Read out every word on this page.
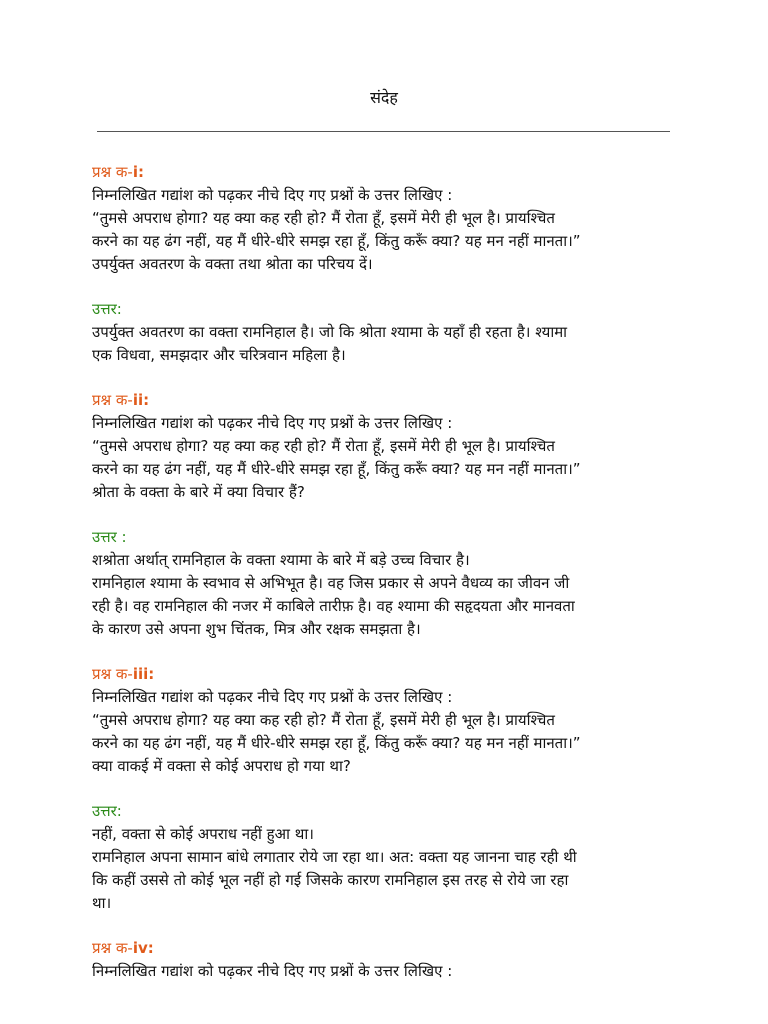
संदेह

प्रश्न क-i:

निम्नलिखित गद्यांश को पढ़कर नीचे दिए गए प्रश्नों के उत्तर लिखिए :

“तुमसे अपराध होगा? यह क्या कह रही हो? मैं रोता हूँ, इसमें मेरी ही भूल है। प्रायश्चित

करने का यह ढंग नहीं, यह मैं धीरे-धीरे समझ रहा हूँ, किंतु करूँ क्या? यह मन नहीं मानता।”

उपर्युक्त अवतरण के वक्ता तथा श्रोता का परिचय दें।

उत्तर:

उपर्युक्त अवतरण का वक्ता रामनिहाल है। जो कि श्रोता श्यामा के यहाँ ही रहता है। श्यामा

एक विधवा, समझदार और चरित्रवान महिला है।

प्रश्न क-ii:

निम्नलिखित गद्यांश को पढ़कर नीचे दिए गए प्रश्नों के उत्तर लिखिए :

“तुमसे अपराध होगा? यह क्या कह रही हो? मैं रोता हूँ, इसमें मेरी ही भूल है। प्रायश्चित

करने का यह ढंग नहीं, यह मैं धीरे-धीरे समझ रहा हूँ, किंतु करूँ क्या? यह मन नहीं मानता।”

श्रोता के वक्ता के बारे में क्या विचार हैं?

उत्तर :

शश्रोता अर्थात् रामनिहाल के वक्ता श्यामा के बारे में बड़े उच्च विचार है।

रामनिहाल श्यामा के स्वभाव से अभिभूत है। वह जिस प्रकार से अपने वैधव्य का जीवन जी

रही है। वह रामनिहाल की नजर में काबिले तारीफ़ है। वह श्यामा की सहृदयता और मानवता

के कारण उसे अपना शुभ चिंतक, मित्र और रक्षक समझता है।

प्रश्न क-iii:

निम्नलिखित गद्यांश को पढ़कर नीचे दिए गए प्रश्नों के उत्तर लिखिए :

“तुमसे अपराध होगा? यह क्या कह रही हो? मैं रोता हूँ, इसमें मेरी ही भूल है। प्रायश्चित

करने का यह ढंग नहीं, यह मैं धीरे-धीरे समझ रहा हूँ, किंतु करूँ क्या? यह मन नहीं मानता।”

क्या वाकई में वक्ता से कोई अपराध हो गया था?

उत्तर:

नहीं, वक्ता से कोई अपराध नहीं हुआ था।

रामनिहाल अपना सामान बांधे लगातार रोये जा रहा था। अत: वक्ता यह जानना चाह रही थी

कि कहीं उससे तो कोई भूल नहीं हो गई जिसके कारण रामनिहाल इस तरह से रोये जा रहा

था।

प्रश्न क-iv:

निम्नलिखित गद्यांश को पढ़कर नीचे दिए गए प्रश्नों के उत्तर लिखिए :
